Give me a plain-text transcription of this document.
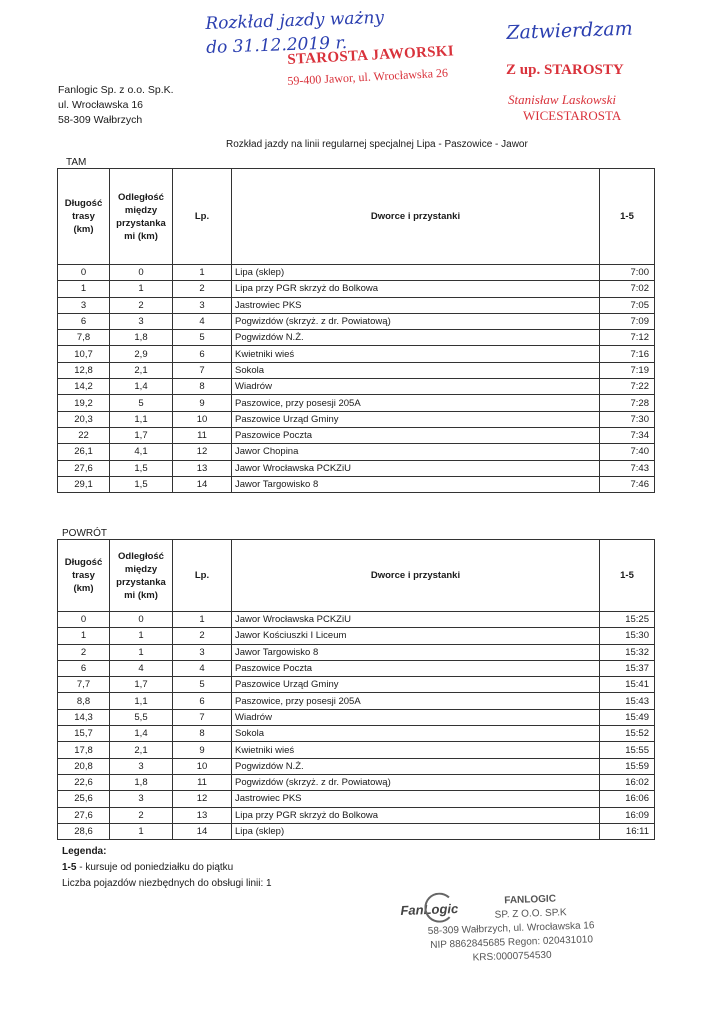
Rozkład jazdy ważny
do 31.12.2019 r.
Zatwierdzam
STAROSTA JAWORSKI
59-400 Jawor, ul. Wrocławska 26	Z up. STAROSTY
Stanisław Laskowski
WICESTAROSTA
Fanlogic Sp. z o.o. Sp.K.
ul. Wrocławska 16
58-309 Wałbrzych
Rozkład jazdy na linii regularnej specjalnej Lipa - Paszowice - Jawor
TAM
Długość trasy (km)	Odległość między przystanka mi (km)	Lp.	Dworce i przystanki	1-5
0	0	1	Lipa (sklep)	7:00
1	1	2	Lipa przy PGR skrzyż do Bolkowa	7:02
3	2	3	Jastrowiec PKS	7:05
6	3	4	Pogwizdów (skrzyż. z dr. Powiatową)	7:09
7,8	1,8	5	Pogwizdów N.Ż.	7:12
10,7	2,9	6	Kwietniki wieś	7:16
12,8	2,1	7	Sokola	7:19
14,2	1,4	8	Wiadrów	7:22
19,2	5	9	Paszowice, przy posesji 205A	7:28
20,3	1,1	10	Paszowice Urząd Gminy	7:30
22	1,7	11	Paszowice Poczta	7:34
26,1	4,1	12	Jawor Chopina	7:40
27,6	1,5	13	Jawor Wrocławska PCKZiU	7:43
29,1	1,5	14	Jawor Targowisko 8	7:46
POWRÓT
Długość trasy (km)	Odległość między przystanka mi (km)	Lp.	Dworce i przystanki	1-5
0	0	1	Jawor Wrocławska PCKZiU	15:25
1	1	2	Jawor Kościuszki I Liceum	15:30
2	1	3	Jawor Targowisko 8	15:32
6	4	4	Paszowice Poczta	15:37
7,7	1,7	5	Paszowice Urząd Gminy	15:41
8,8	1,1	6	Paszowice, przy posesji 205A	15:43
14,3	5,5	7	Wiadrów	15:49
15,7	1,4	8	Sokola	15:52
17,8	2,1	9	Kwietniki wieś	15:55
20,8	3	10	Pogwizdów N.Ż.	15:59
22,6	1,8	11	Pogwizdów (skrzyż. z dr. Powiatową)	16:02
25,6	3	12	Jastrowiec PKS	16:06
27,6	2	13	Lipa przy PGR skrzyż do Bolkowa	16:09
28,6	1	14	Lipa (sklep)	16:11
Legenda:
1-5 - kursuje od poniedziałku do piątku
Liczba pojazdów niezbędnych do obsługi linii: 1
FANLOGIC
SP. Z O.O. SP.K
58-309 Wałbrzych, ul. Wrocławska 16
NIP 8862845685 Regon: 020431010
KRS:0000754530
FanLogic
